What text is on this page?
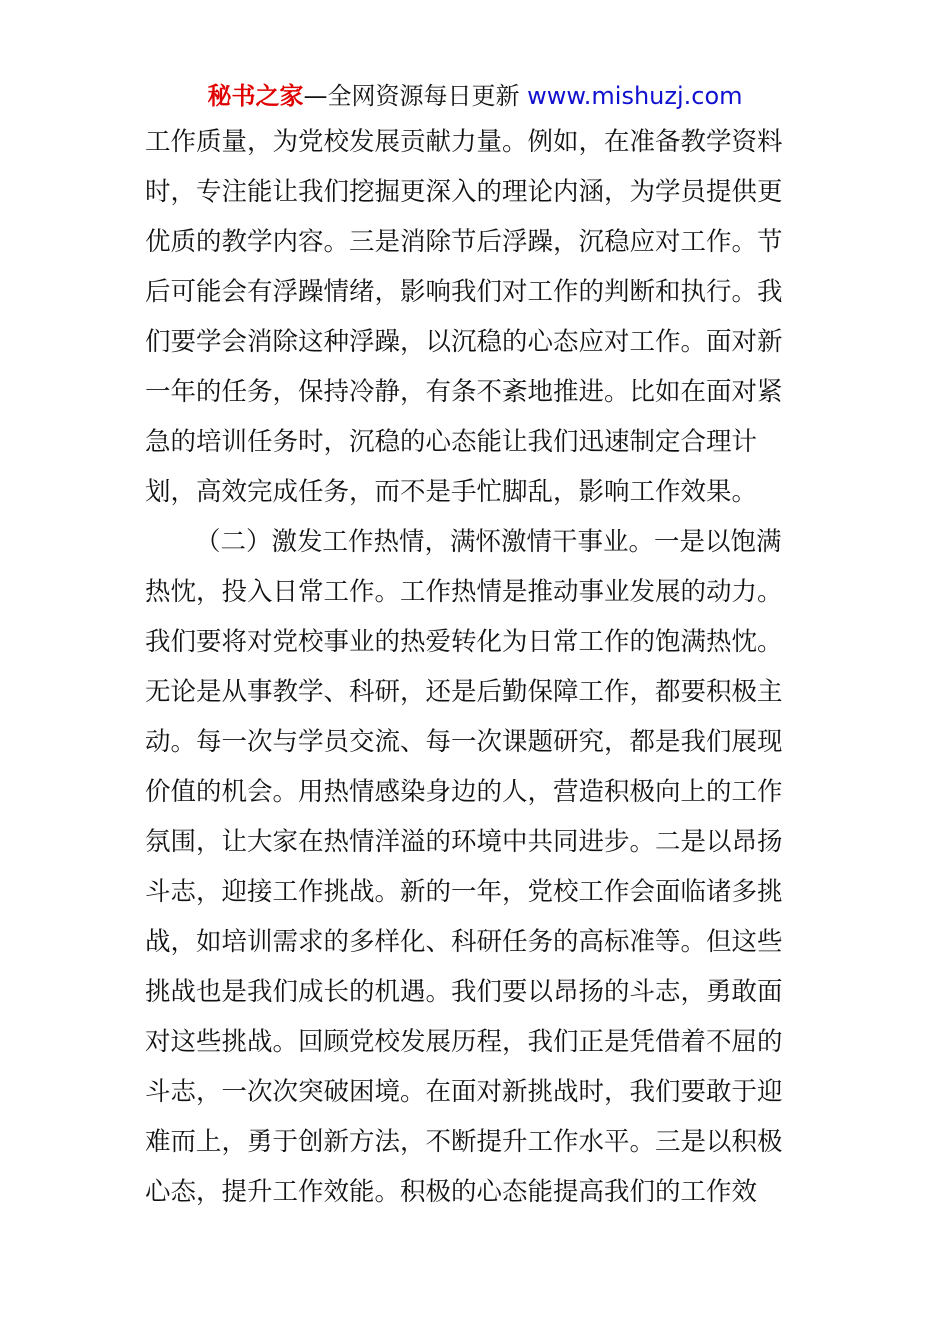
秘书之家—全网资源每日更新 www.mishuzj.com
工作质量，为党校发展贡献力量。例如，在准备教学资料
时，专注能让我们挖掘更深入的理论内涵，为学员提供更
优质的教学内容。三是消除节后浮躁，沉稳应对工作。节
后可能会有浮躁情绪，影响我们对工作的判断和执行。我
们要学会消除这种浮躁，以沉稳的心态应对工作。面对新
一年的任务，保持冷静，有条不紊地推进。比如在面对紧
急的培训任务时，沉稳的心态能让我们迅速制定合理计
划，高效完成任务，而不是手忙脚乱，影响工作效果。
（二）激发工作热情，满怀激情干事业。一是以饱满
热忱，投入日常工作。工作热情是推动事业发展的动力。
我们要将对党校事业的热爱转化为日常工作的饱满热忱。
无论是从事教学、科研，还是后勤保障工作，都要积极主
动。每一次与学员交流、每一次课题研究，都是我们展现
价值的机会。用热情感染身边的人，营造积极向上的工作
氛围，让大家在热情洋溢的环境中共同进步。二是以昂扬
斗志，迎接工作挑战。新的一年，党校工作会面临诸多挑
战，如培训需求的多样化、科研任务的高标准等。但这些
挑战也是我们成长的机遇。我们要以昂扬的斗志，勇敢面
对这些挑战。回顾党校发展历程，我们正是凭借着不屈的
斗志，一次次突破困境。在面对新挑战时，我们要敢于迎
难而上，勇于创新方法，不断提升工作水平。三是以积极
心态，提升工作效能。积极的心态能提高我们的工作效
